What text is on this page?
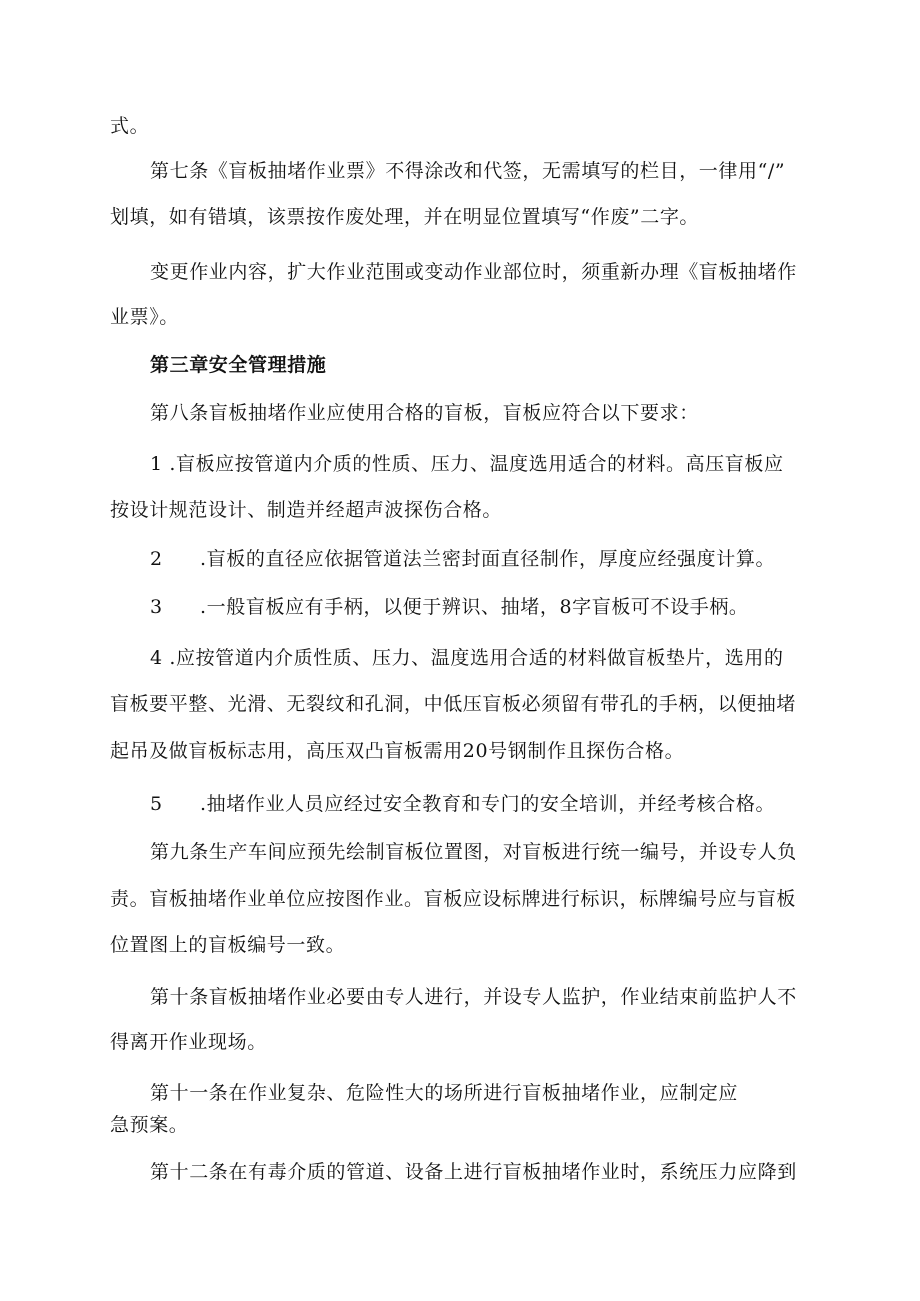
式。

第七条《盲板抽堵作业票》不得涂改和代签，无需填写的栏目，一律用“/”

划填，如有错填，该票按作废处理，并在明显位置填写“作废”二字。

变更作业内容，扩大作业范围或变动作业部位时，须重新办理《盲板抽堵作

业票》。

第三章安全管理措施

第八条盲板抽堵作业应使用合格的盲板，盲板应符合以下要求：

1 .盲板应按管道内介质的性质、压力、温度选用适合的材料。高压盲板应

按设计规范设计、制造并经超声波探伤合格。

2 .盲板的直径应依据管道法兰密封面直径制作，厚度应经强度计算。

3 .一般盲板应有手柄，以便于辨识、抽堵，8字盲板可不设手柄。

4 .应按管道内介质性质、压力、温度选用合适的材料做盲板垫片，选用的

盲板要平整、光滑、无裂纹和孔洞，中低压盲板必须留有带孔的手柄，以便抽堵

起吊及做盲板标志用，高压双凸盲板需用20号钢制作且探伤合格。

5 .抽堵作业人员应经过安全教育和专门的安全培训，并经考核合格。

第九条生产车间应预先绘制盲板位置图，对盲板进行统一编号，并设专人负

责。盲板抽堵作业单位应按图作业。盲板应设标牌进行标识，标牌编号应与盲板

位置图上的盲板编号一致。

第十条盲板抽堵作业必要由专人进行，并设专人监护，作业结束前监护人不

得离开作业现场。

第十一条在作业复杂、危险性大的场所进行盲板抽堵作业，应制定应

急预案。

第十二条在有毒介质的管道、设备上进行盲板抽堵作业时，系统压力应降到
